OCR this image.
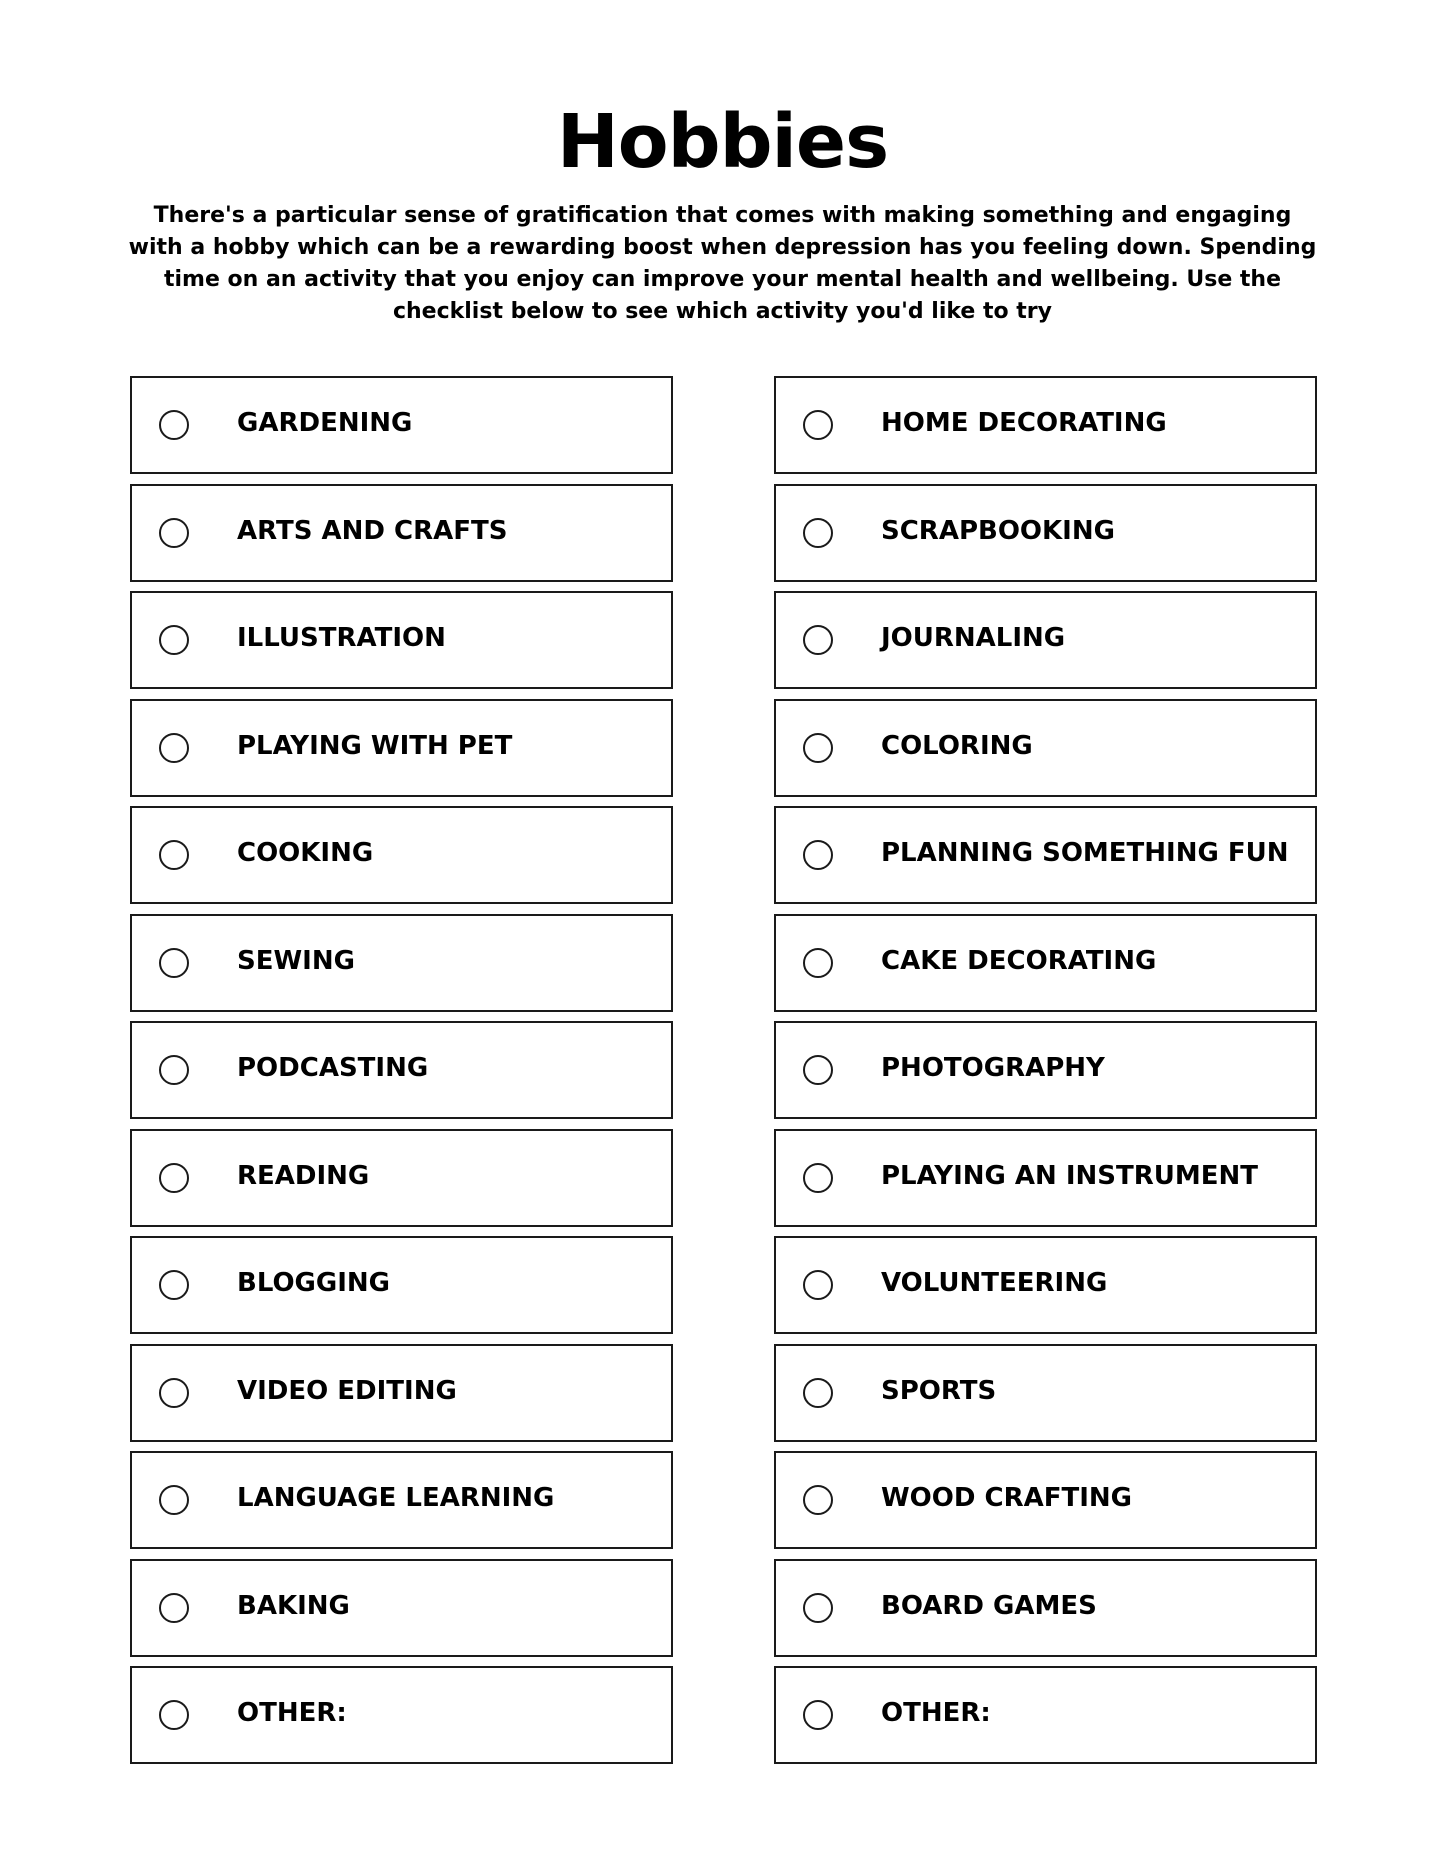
Hobbies

There's a particular sense of gratification that comes with making something and engaging with a hobby which can be a rewarding boost when depression has you feeling down. Spending time on an activity that you enjoy can improve your mental health and wellbeing. Use the checklist below to see which activity you'd like to try

GARDENING
ARTS AND CRAFTS
ILLUSTRATION
PLAYING WITH PET
COOKING
SEWING
PODCASTING
READING
BLOGGING
VIDEO EDITING
LANGUAGE LEARNING
BAKING
OTHER:
HOME DECORATING
SCRAPBOOKING
JOURNALING
COLORING
PLANNING SOMETHING FUN
CAKE DECORATING
PHOTOGRAPHY
PLAYING AN INSTRUMENT
VOLUNTEERING
SPORTS
WOOD CRAFTING
BOARD GAMES
OTHER:
